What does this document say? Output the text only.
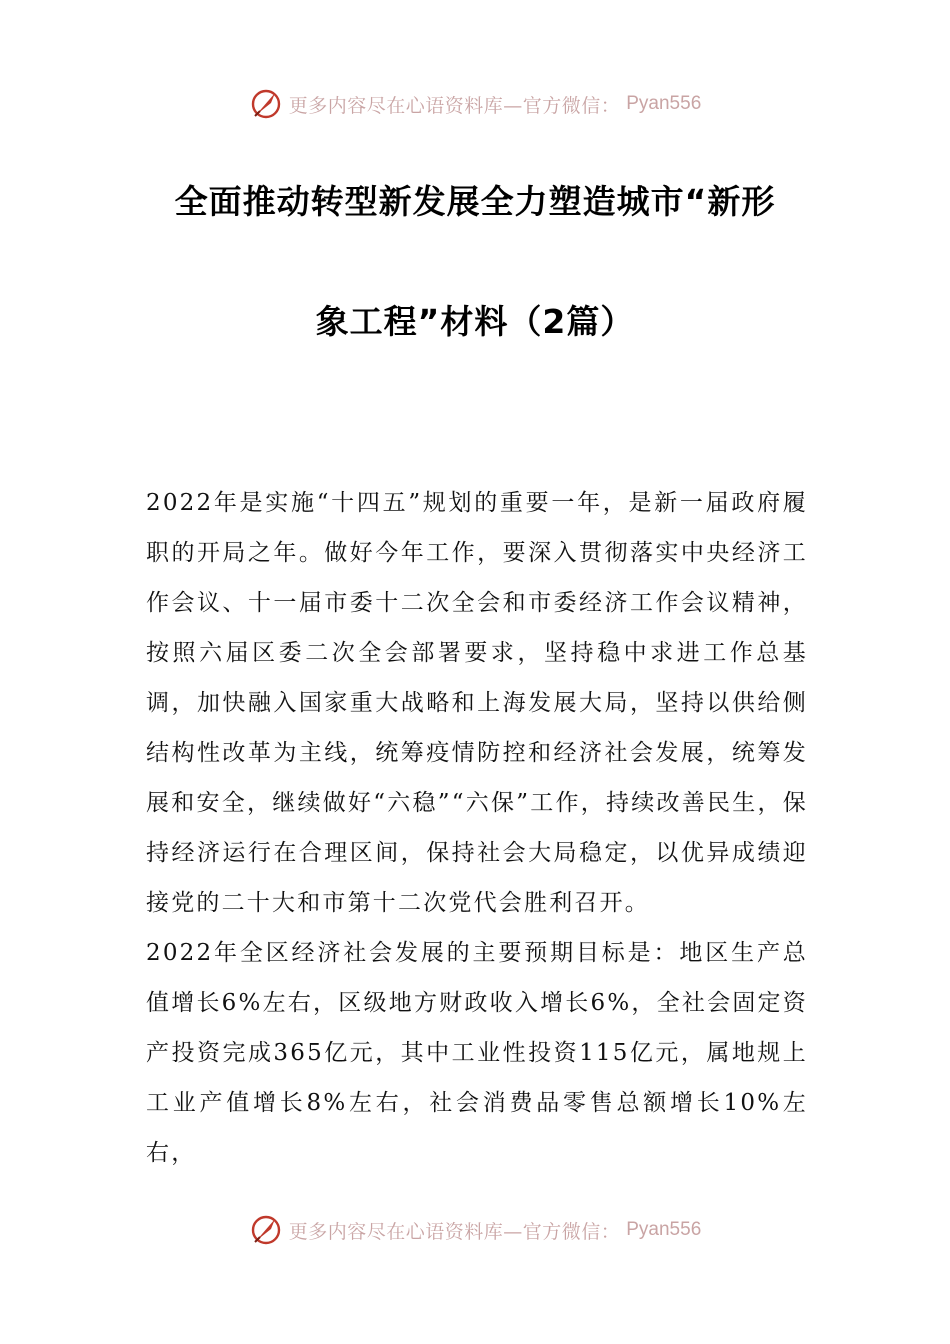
更多内容尽在心语资料库—官方微信： Pyan556
全面推动转型新发展全力塑造城市“新形
象工程”材料（2篇）

2022年是实施“十四五”规划的重要一年，是新一届政府履职的开局之年。做好今年工作，要深入贯彻落实中央经济工作会议、十一届市委十二次全会和市委经济工作会议精神，按照六届区委二次全会部署要求，坚持稳中求进工作总基调，加快融入国家重大战略和上海发展大局，坚持以供给侧结构性改革为主线，统筹疫情防控和经济社会发展，统筹发展和安全，继续做好“六稳”“六保”工作，持续改善民生，保持经济运行在合理区间，保持社会大局稳定，以优异成绩迎接党的二十大和市第十二次党代会胜利召开。

2022年全区经济社会发展的主要预期目标是：地区生产总值增长6%左右，区级地方财政收入增长6%，全社会固定资产投资完成365亿元，其中工业性投资115亿元，属地规上工业产值增长8%左右，社会消费品零售总额增长10%左右，

更多内容尽在心语资料库—官方微信： Pyan556
